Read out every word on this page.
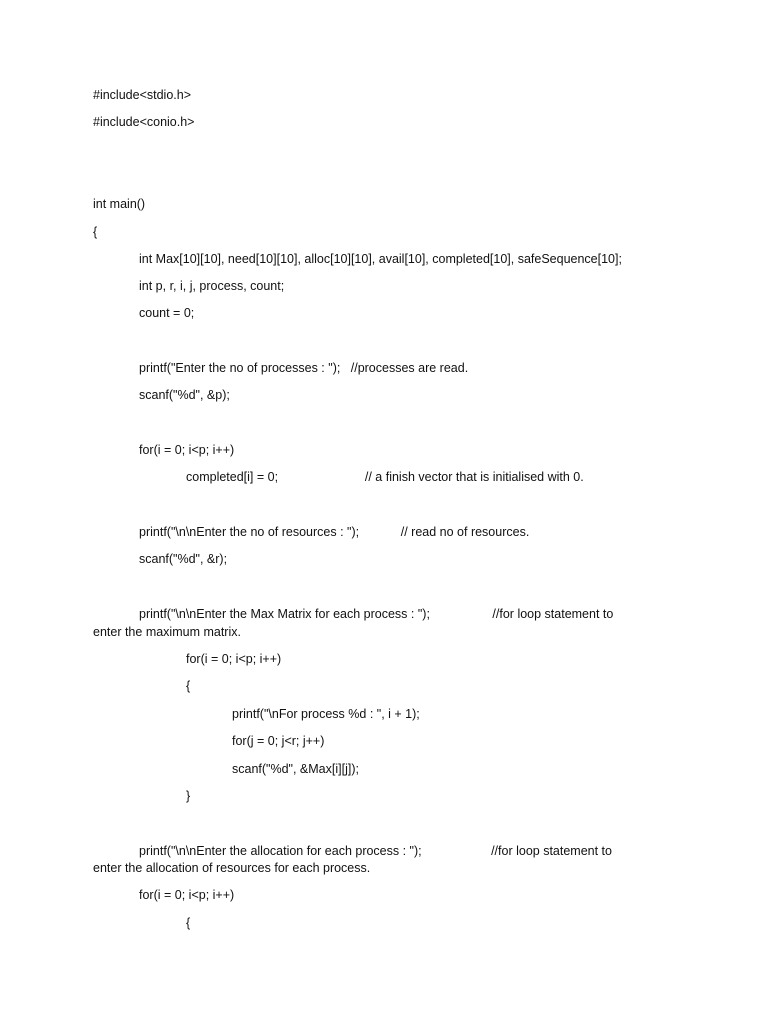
#include<stdio.h>

#include<conio.h>

int main()

{

int Max[10][10], need[10][10], alloc[10][10], avail[10], completed[10], safeSequence[10];

int p, r, i, j, process, count;

count = 0;

printf("Enter the no of processes : ");   //processes are read.

scanf("%d", &p);

for(i = 0; i<p; i++)

completed[i] = 0;                         // a finish vector that is initialised with 0.

printf("\n\nEnter the no of resources : ");            // read no of resources.

scanf("%d", &r);

printf("\n\nEnter the Max Matrix for each process : ");                  //for loop statement to

enter the maximum matrix.

for(i = 0; i<p; i++)

{

printf("\nFor process %d : ", i + 1);

for(j = 0; j<r; j++)

scanf("%d", &Max[i][j]);

}

printf("\n\nEnter the allocation for each process : ");                    //for loop statement to

enter the allocation of resources for each process.

for(i = 0; i<p; i++)

{
